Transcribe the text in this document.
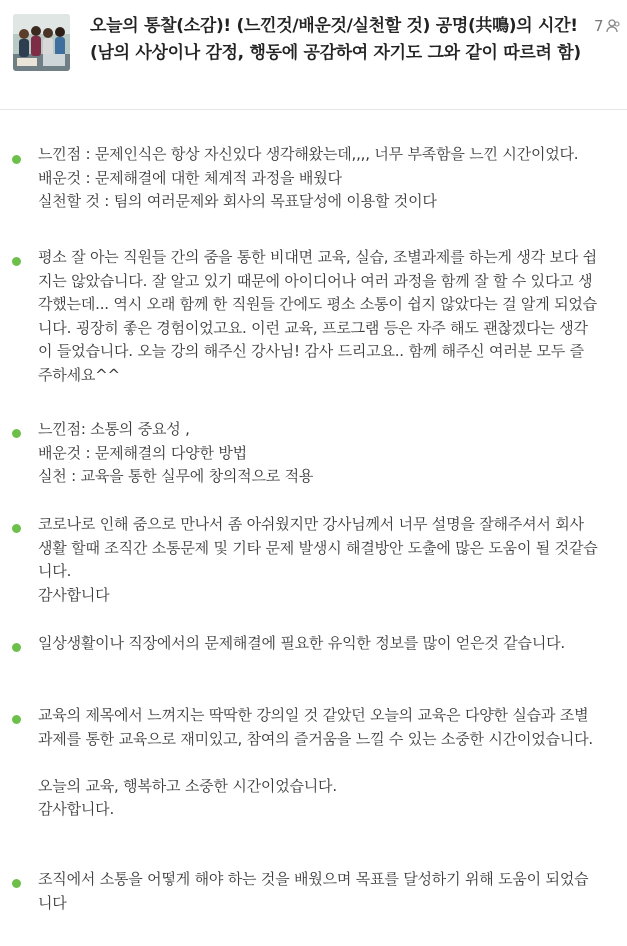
오늘의 통찰(소감)! (느낀것/배운것/실천할 것) 공명(共鳴)의 시간! (남의 사상이나 감정, 행동에 공감하여 자기도 그와 같이 따르려 함)
7
느낀점 : 문제인식은 항상 자신있다 생각해왔는데,,,, 너무 부족함을 느낀 시간이었다.
배운것 : 문제해결에 대한 체계적 과정을 배웠다
실천할 것 : 팀의 여러문제와 회사의 목표달성에 이용할 것이다
평소 잘 아는 직원들 간의 줌을 통한 비대면 교육, 실습, 조별과제를 하는게 생각 보다 쉽지는 않았습니다. 잘 알고 있기 때문에 아이디어나 여러 과정을 함께 잘 할 수 있다고 생각했는데... 역시 오래 함께 한 직원들 간에도 평소 소통이 쉽지 않았다는 걸 알게 되었습니다. 굉장히 좋은 경험이었고요. 이런 교육, 프로그램 등은 자주 해도 괜찮겠다는 생각이 들었습니다. 오늘 강의 해주신 강사님! 감사 드리고요.. 함께 해주신 여러분 모두 즐 주하세요^^
느낀점: 소통의 중요성 ,
배운것 : 문제해결의 다양한 방법
실천 : 교육을 통한 실무에 창의적으로 적용
코로나로 인해 줌으로 만나서 좀 아쉬웠지만 강사님께서 너무 설명을 잘해주셔서 회사 생활 할때 조직간 소통문제 및 기타 문제 발생시 해결방안 도출에 많은 도움이 될 것같습니다.
감사합니다
일상생활이나 직장에서의 문제해결에 필요한 유익한 정보를 많이 얻은것 같습니다.
교육의 제목에서 느껴지는 딱딱한 강의일 것 같았던 오늘의 교육은 다양한 실습과 조별 과제를 통한 교육으로 재미있고, 참여의 즐거움을 느낄 수 있는 소중한 시간이었습니다.

오늘의 교육, 행복하고 소중한 시간이었습니다.
감사합니다.
조직에서 소통을 어떻게 해야 하는 것을 배웠으며 목표를 달성하기 위해 도움이 되었습니다
